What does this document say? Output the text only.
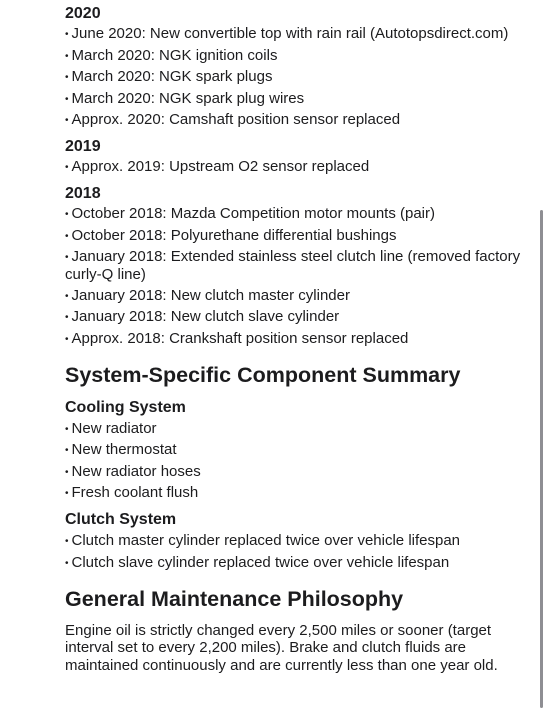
2020
• June 2020: New convertible top with rain rail (Autotopsdirect.com)
• March 2020: NGK ignition coils
• March 2020: NGK spark plugs
• March 2020: NGK spark plug wires
• Approx. 2020: Camshaft position sensor replaced
2019
• Approx. 2019: Upstream O2 sensor replaced
2018
• October 2018: Mazda Competition motor mounts (pair)
• October 2018: Polyurethane differential bushings
• January 2018: Extended stainless steel clutch line (removed factory curly-Q line)
• January 2018: New clutch master cylinder
• January 2018: New clutch slave cylinder
• Approx. 2018: Crankshaft position sensor replaced
System-Specific Component Summary
Cooling System
• New radiator
• New thermostat
• New radiator hoses
• Fresh coolant flush
Clutch System
• Clutch master cylinder replaced twice over vehicle lifespan
• Clutch slave cylinder replaced twice over vehicle lifespan
General Maintenance Philosophy

Engine oil is strictly changed every 2,500 miles or sooner (target interval set to every 2,200 miles). Brake and clutch fluids are maintained continuously and are currently less than one year old.
